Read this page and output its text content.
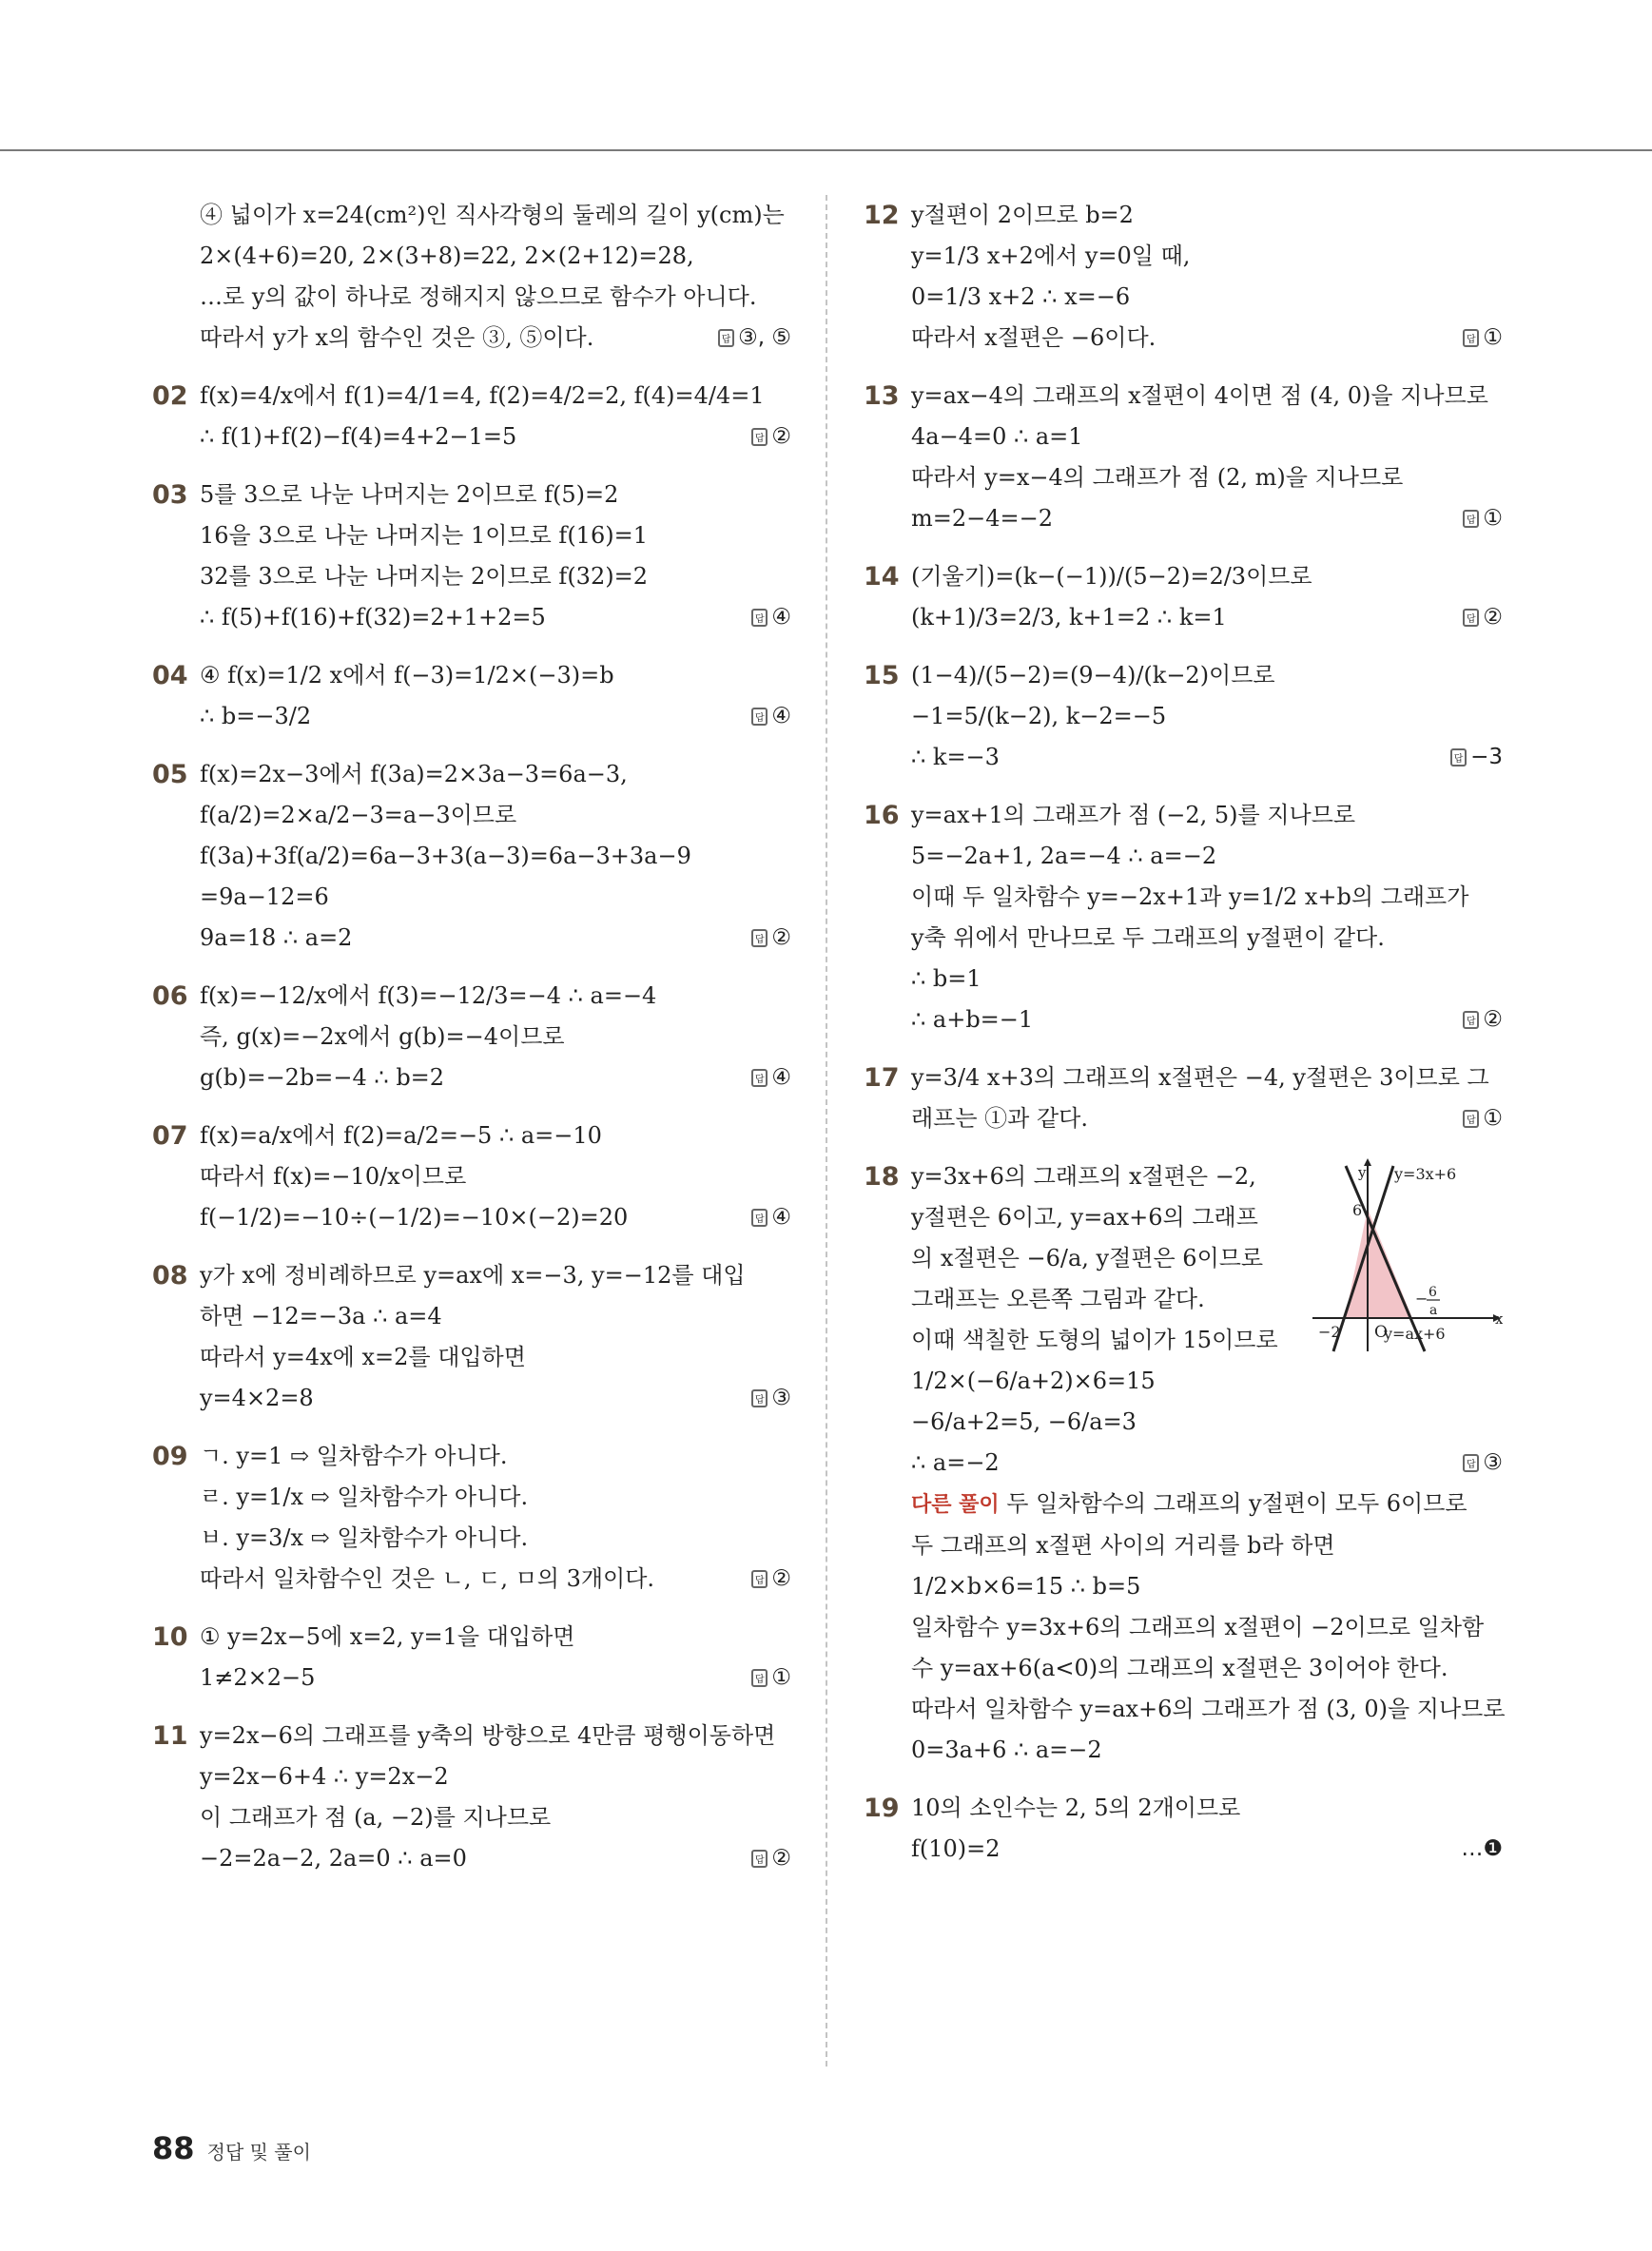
④ 넓이가 x=24(cm²)인 직사각형의 둘레의 길이 y(cm)는
2×(4+6)=20, 2×(3+8)=22, 2×(2+12)=28,
…로 y의 값이 하나로 정해지지 않으므로 함수가 아니다.
따라서 y가 x의 함수인 것은 ③, ⑤이다.	답 ③, ⑤
02 f(x)=4/x에서 f(1)=4/1=4, f(2)=4/2=2, f(4)=4/4=1
∴ f(1)+f(2)−f(4)=4+2−1=5	답 ②
03 5를 3으로 나눈 나머지는 2이므로 f(5)=2
16을 3으로 나눈 나머지는 1이므로 f(16)=1
32를 3으로 나눈 나머지는 2이므로 f(32)=2
∴ f(5)+f(16)+f(32)=2+1+2=5	답 ④
04 ④ f(x)=1/2 x에서 f(−3)=1/2×(−3)=b
∴ b=−3/2	답 ④
05 f(x)=2x−3에서 f(3a)=2×3a−3=6a−3,
f(a/2)=2×a/2−3=a−3이므로
f(3a)+3f(a/2)=6a−3+3(a−3)=6a−3+3a−9
=9a−12=6
9a=18 ∴ a=2	답 ②
06 f(x)=−12/x에서 f(3)=−12/3=−4 ∴ a=−4
즉, g(x)=−2x에서 g(b)=−4이므로
g(b)=−2b=−4 ∴ b=2	답 ④
07 f(x)=a/x에서 f(2)=a/2=−5 ∴ a=−10
따라서 f(x)=−10/x이므로
f(−1/2)=−10÷(−1/2)=−10×(−2)=20	답 ④
08 y가 x에 정비례하므로 y=ax에 x=−3, y=−12를 대입
하면 −12=−3a ∴ a=4
따라서 y=4x에 x=2를 대입하면
y=4×2=8	답 ③
09 ㄱ. y=1 ⇨ 일차함수가 아니다.
ㄹ. y=1/x ⇨ 일차함수가 아니다.
ㅂ. y=3/x ⇨ 일차함수가 아니다.
따라서 일차함수인 것은 ㄴ, ㄷ, ㅁ의 3개이다.	답 ②
10 ① y=2x−5에 x=2, y=1을 대입하면
1≠2×2−5	답 ①
11 y=2x−6의 그래프를 y축의 방향으로 4만큼 평행이동하면
y=2x−6+4 ∴ y=2x−2
이 그래프가 점 (a, −2)를 지나므로
−2=2a−2, 2a=0 ∴ a=0	답 ②
12 y절편이 2이므로 b=2
y=1/3 x+2에서 y=0일 때,
0=1/3 x+2 ∴ x=−6
따라서 x절편은 −6이다.	답 ①
13 y=ax−4의 그래프의 x절편이 4이면 점 (4, 0)을 지나므로
4a−4=0 ∴ a=1
따라서 y=x−4의 그래프가 점 (2, m)을 지나므로
m=2−4=−2	답 ①
14 (기울기)=(k−(−1))/(5−2)=2/3이므로
(k+1)/3=2/3, k+1=2 ∴ k=1	답 ②
15 (1−4)/(5−2)=(9−4)/(k−2)이므로
−1=5/(k−2), k−2=−5
∴ k=−3	답 −3
16 y=ax+1의 그래프가 점 (−2, 5)를 지나므로
5=−2a+1, 2a=−4 ∴ a=−2
이때 두 일차함수 y=−2x+1과 y=1/2 x+b의 그래프가
y축 위에서 만나므로 두 그래프의 y절편이 같다.
∴ b=1
∴ a+b=−1	답 ②
17 y=3/4 x+3의 그래프의 x절편은 −4, y절편은 3이므로 그
래프는 ①과 같다.	답 ①
18 y=3x+6의 그래프의 x절편은 −2,
y절편은 6이고, y=ax+6의 그래프
의 x절편은 −6/a, y절편은 6이므로
그래프는 오른쪽 그림과 같다.
이때 색칠한 도형의 넓이가 15이므로
1/2×(−6/a+2)×6=15
−6/a+2=5, −6/a=3
∴ a=−2	답 ③
다른 풀이 두 일차함수의 그래프의 y절편이 모두 6이므로
두 그래프의 x절편 사이의 거리를 b라 하면
1/2×b×6=15 ∴ b=5
일차함수 y=3x+6의 그래프의 x절편이 −2이므로 일차함
수 y=ax+6(a<0)의 그래프의 x절편은 3이어야 한다.
따라서 일차함수 y=ax+6의 그래프가 점 (3, 0)을 지나므로
0=3a+6 ∴ a=−2
y
x
O
y=3x+6
y=ax+6
6
−2
− 6
a
19 10의 소인수는 2, 5의 2개이므로
f(10)=2	…❶
88 정답 및 풀이
